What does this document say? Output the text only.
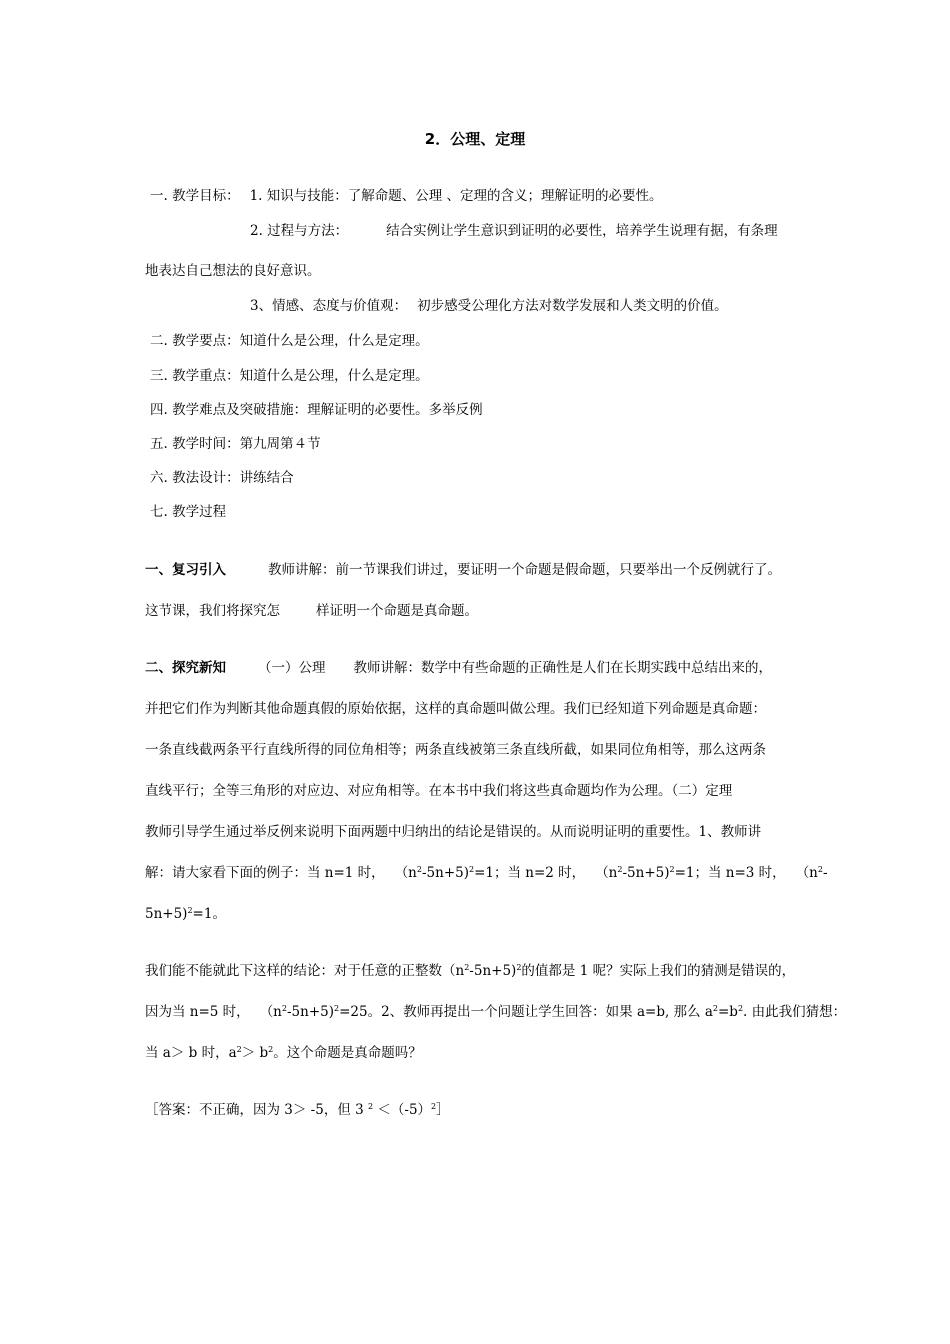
2．公理、定理
一. 教学目标： 1. 知识与技能：了解命题、公理 、定理的含义；理解证明的必要性。
2. 过程与方法：	结合实例让学生意识到证明的必要性，培养学生说理有据，有条理
地表达自己想法的良好意识。
3、情感、态度与价值观： 初步感受公理化方法对数学发展和人类文明的价值。
二. 教学要点：知道什么是公理，什么是定理。
三. 教学重点：知道什么是公理，什么是定理。
四. 教学难点及突破措施：理解证明的必要性。多举反例
五. 教学时间：第九周第４节
六. 教法设计：讲练结合
七. 教学过程
一、复习引入	教师讲解：前一节课我们讲过，要证明一个命题是假命题，只要举出一个反例就行了。
这节课，我们将探究怎	样证明一个命题是真命题。
二、探究新知 （一）公理 教师讲解：数学中有些命题的正确性是人们在长期实践中总结出来的，
并把它们作为判断其他命题真假的原始依据，这样的真命题叫做公理。我们已经知道下列命题是真命题：
一条直线截两条平行直线所得的同位角相等；两条直线被第三条直线所截，如果同位角相等，那么这两条
直线平行；全等三角形的对应边、对应角相等。在本书中我们将这些真命题均作为公理。（二）定理
教师引导学生通过举反例来说明下面两题中归纳出的结论是错误的。从而说明证明的重要性。1、教师讲
解：请大家看下面的例子：当 n=1 时， $(n^2-5n+5)^2=1$；当 n=2 时， $(n^2-5n+5)^2=1$；当 n=3 时， （$n^2-$
5n+5)$^2$=1。
我们能不能就此下这样的结论：对于任意的正整数$(n^2-5n+5)^2$的值都是 1 呢？实际上我们的猜测是错误的，
因为当 n=5 时， $(n^2-5n+5)^2=25$。2、教师再提出一个问题让学生回答：如果 a=b, 那么 $a^2=b^2$. 由此我们猜想：
当 a＞ b 时，$a^2> b^2$。这个命题是真命题吗？
［答案：不正确，因为 3＞ -5，但 3 $^2 <(-5)^2]$
